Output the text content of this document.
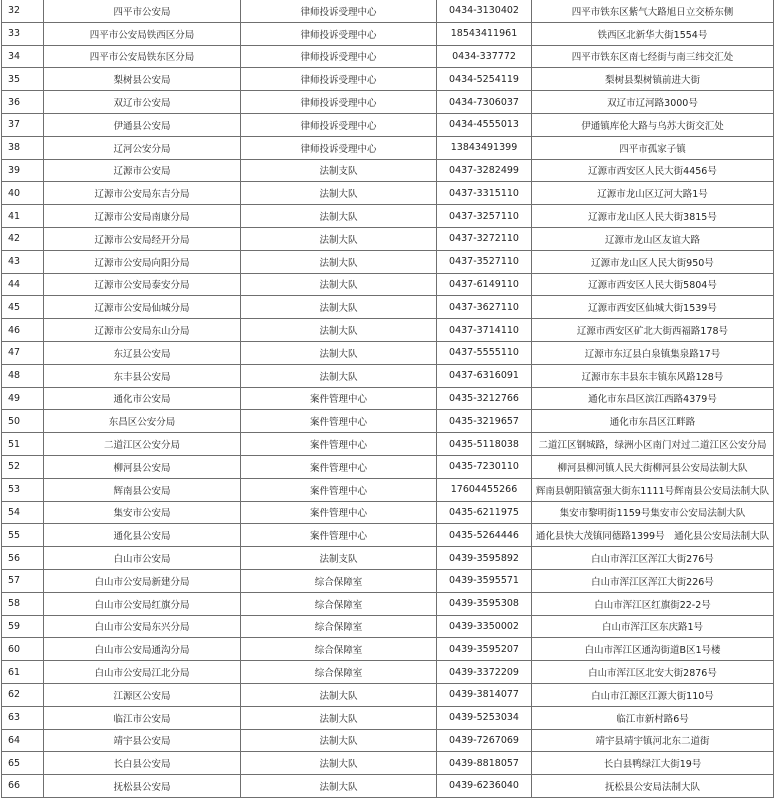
32	四平市公安局	律师投诉受理中心	0434-3130402	四平市铁东区紫气大路旭日立交桥东侧
33	四平市公安局铁西区分局	律师投诉受理中心	18543411961	铁西区北新华大街1554号
34	四平市公安局铁东区分局	律师投诉受理中心	0434-337772	四平市铁东区南七经街与南三纬交汇处
35	梨树县公安局	律师投诉受理中心	0434-5254119	梨树县梨树镇前进大街
36	双辽市公安局	律师投诉受理中心	0434-7306037	双辽市辽河路3000号
37	伊通县公安局	律师投诉受理中心	0434-4555013	伊通镇库伦大路与乌苏大街交汇处
38	辽河公安分局	律师投诉受理中心	13843491399	四平市孤家子镇
39	辽源市公安局	法制支队	0437-3282499	辽源市西安区人民大街4456号
40	辽源市公安局东吉分局	法制大队	0437-3315110	辽源市龙山区辽河大路1号
41	辽源市公安局南康分局	法制大队	0437-3257110	辽源市龙山区人民大街3815号
42	辽源市公安局经开分局	法制大队	0437-3272110	辽源市龙山区友谊大路
43	辽源市公安局向阳分局	法制大队	0437-3527110	辽源市龙山区人民大街950号
44	辽源市公安局泰安分局	法制大队	0437-6149110	辽源市西安区人民大街5804号
45	辽源市公安局仙城分局	法制大队	0437-3627110	辽源市西安区仙城大街1539号
46	辽源市公安局东山分局	法制大队	0437-3714110	辽源市西安区矿北大街西福路178号
47	东辽县公安局	法制大队	0437-5555110	辽源市东辽县白泉镇集泉路17号
48	东丰县公安局	法制大队	0437-6316091	辽源市东丰县东丰镇东风路128号
49	通化市公安局	案件管理中心	0435-3212766	通化市东昌区滨江西路4379号
50	东昌区公安分局	案件管理中心	0435-3219657	通化市东昌区江畔路
51	二道江区公安分局	案件管理中心	0435-5118038	二道江区钢城路，绿洲小区南门对过二道江区公安分局
52	柳河县公安局	案件管理中心	0435-7230110	柳河县柳河镇人民大街柳河县公安局法制大队
53	辉南县公安局	案件管理中心	17604455266	辉南县朝阳镇富强大街东1111号辉南县公安局法制大队
54	集安市公安局	案件管理中心	0435-6211975	集安市黎明街1159号集安市公安局法制大队
55	通化县公安局	案件管理中心	0435-5264446	通化县快大茂镇同德路1399号　通化县公安局法制大队
56	白山市公安局	法制支队	0439-3595892	白山市浑江区浑江大街276号
57	白山市公安局新建分局	综合保障室	0439-3595571	白山市浑江区浑江大街226号
58	白山市公安局红旗分局	综合保障室	0439-3595308	白山市浑江区红旗街22-2号
59	白山市公安局东兴分局	综合保障室	0439-3350002	白山市浑江区东庆路1号
60	白山市公安局通沟分局	综合保障室	0439-3595207	白山市浑江区通沟街道B区1号楼
61	白山市公安局江北分局	综合保障室	0439-3372209	白山市浑江区北安大街2876号
62	江源区公安局	法制大队	0439-3814077	白山市江源区江源大街110号
63	临江市公安局	法制大队	0439-5253034	临江市新村路6号
64	靖宇县公安局	法制大队	0439-7267069	靖宇县靖宇镇河北东二道街
65	长白县公安局	法制大队	0439-8818057	长白县鸭绿江大街19号
66	抚松县公安局	法制大队	0439-6236040	抚松县公安局法制大队
